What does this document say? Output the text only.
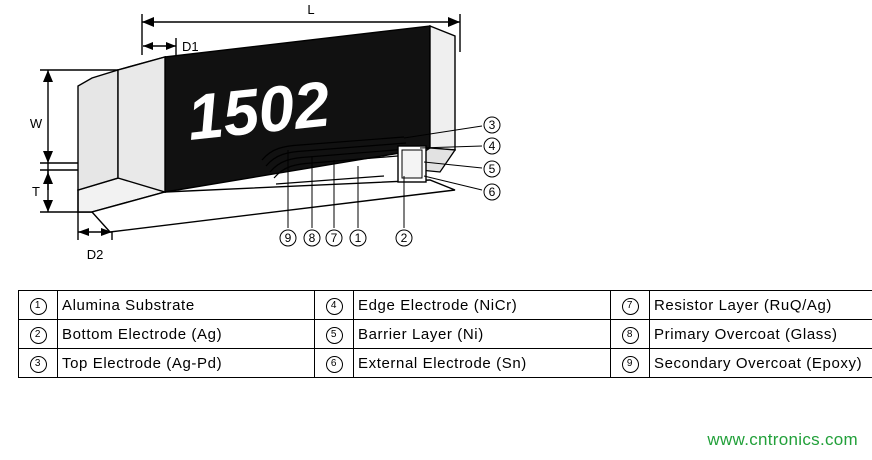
L
D1
W
T
D2
1502	3
4
5
6
9 8 7 1	2
1	Alumina Substrate	4	Edge Electrode (NiCr)	7	Resistor Layer (RuQ/Ag)
2	Bottom Electrode (Ag)	5	Barrier Layer (Ni)	8	Primary Overcoat (Glass)
3	Top Electrode (Ag-Pd)	6	External Electrode (Sn)	9	Secondary Overcoat (Epoxy)
www.cntronics.com
